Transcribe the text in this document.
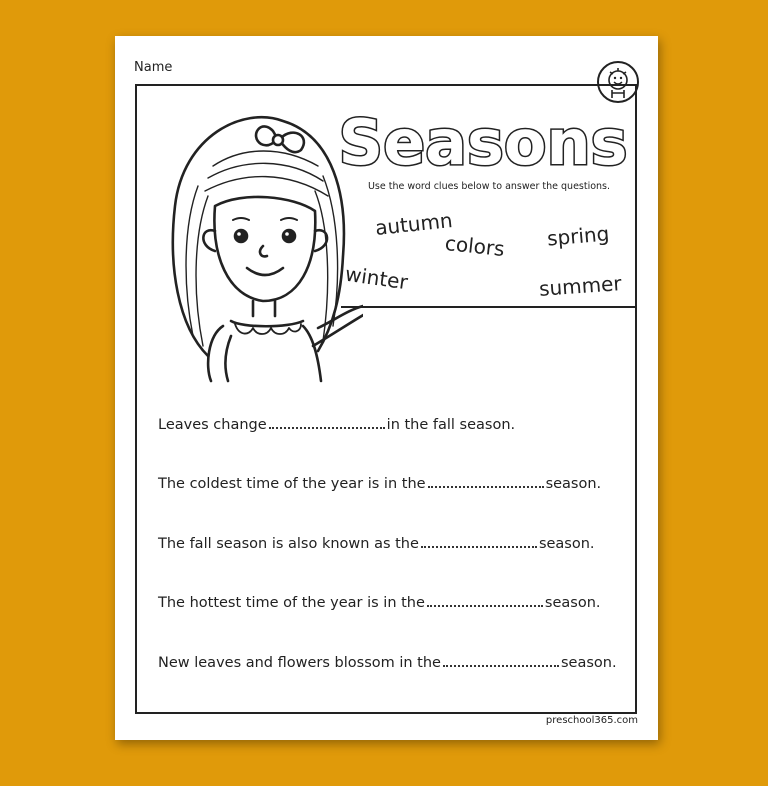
Name
Seasons
Use the word clues below to answer the questions.
autumn
colors spring
winter	summer
Leaves change	in the fall season.
The coldest time of the year is in the	season.
The fall season is also known as the	season.
The hottest time of the year is in the	season.
New leaves and flowers blossom in the	season.
preschool365.com
